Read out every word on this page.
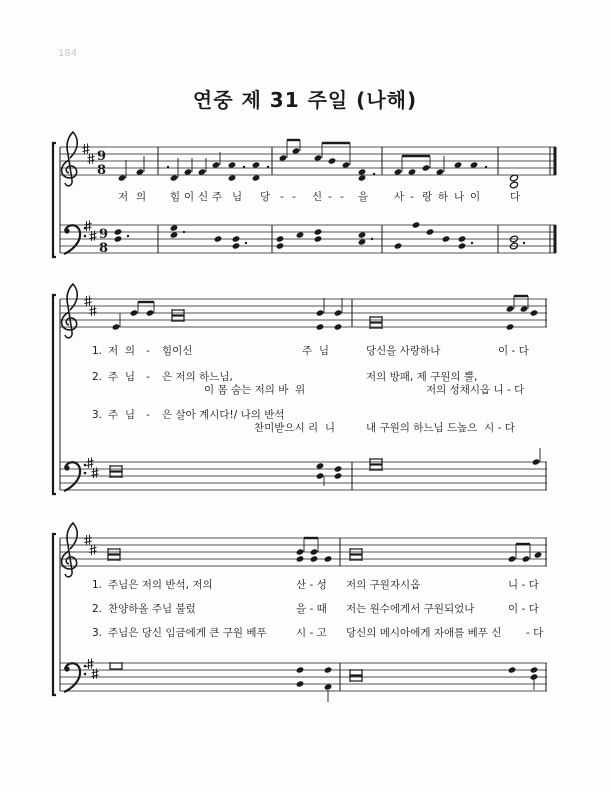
184
연중 제 31 주일 (나해)
9
8
9
8
저 의 힘 이 신 주 님 당 - - 신 - - 을 사 - 랑 하 나 이	다
1. 저  의 - 힘이신	주  님	당신을 사랑하나	이 - 다
2. 주  님 - 은 저의 하느님,
이 몸 숨는 저의 바  위
저의 방패, 제 구원의 뿔,
저의 성채시옵 니 - 다
3. 주  님 - 은 살아 계시다!/ 나의 반석
찬미받으시 리  니	내 구원의 하느님 드높으  시 - 다
1. 주님은 저의 반석, 저의	산 - 성 저의 구원자시옵	니 - 다
2. 찬양하올 주님 불렀	을 - 때 저는 원수에게서 구원되었나	이 - 다
3. 주님은 당신 임금에게 큰 구원 베푸	시 - 고 당신의 메시아에게 자애를 베푸 신 - 다
